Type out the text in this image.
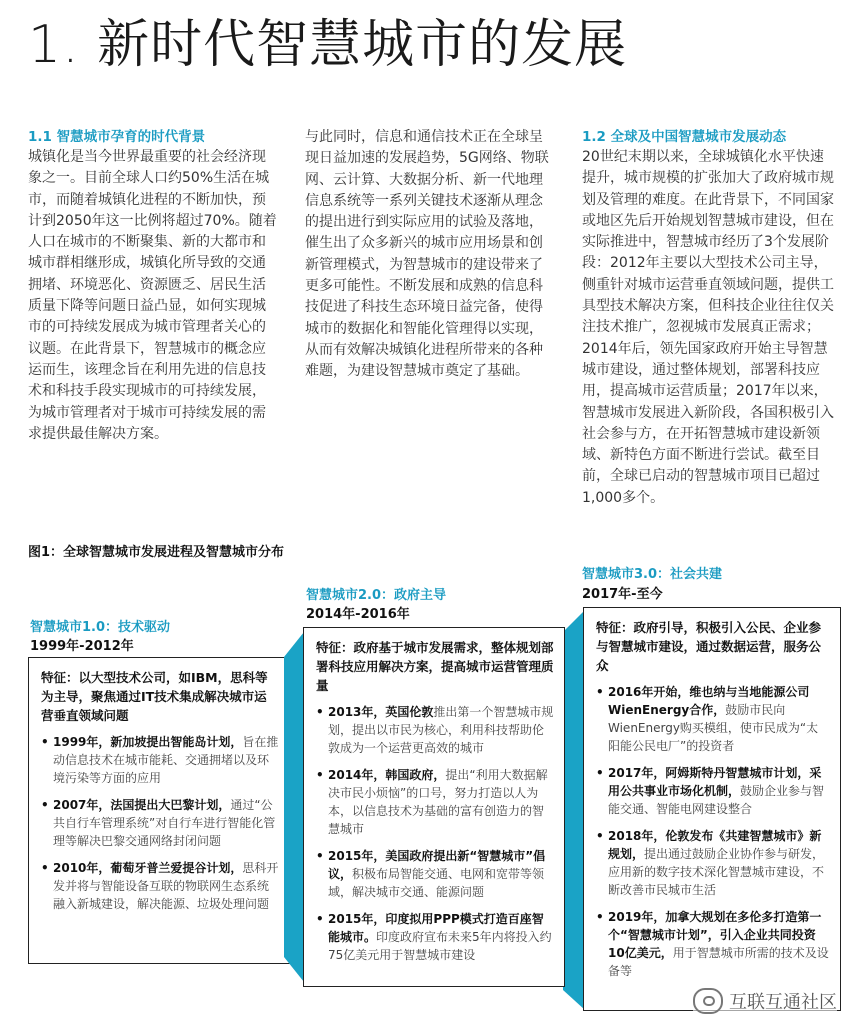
1. 新时代智慧城市的发展
1.1 智慧城市孕育的时代背景
城镇化是当今世界最重要的社会经济现象之一。目前全球人口约50%生活在城市，而随着城镇化进程的不断加快，预计到2050年这一比例将超过70%。随着人口在城市的不断聚集、新的大都市和城市群相继形成，城镇化所导致的交通拥堵、环境恶化、资源匮乏、居民生活质量下降等问题日益凸显，如何实现城市的可持续发展成为城市管理者关心的议题。在此背景下，智慧城市的概念应运而生，该理念旨在利用先进的信息技术和科技手段实现城市的可持续发展，为城市管理者对于城市可持续发展的需求提供最佳解决方案。
与此同时，信息和通信技术正在全球呈现日益加速的发展趋势，5G网络、物联网、云计算、大数据分析、新一代地理信息系统等一系列关键技术逐渐从理念的提出进行到实际应用的试验及落地，催生出了众多新兴的城市应用场景和创新管理模式，为智慧城市的建设带来了更多可能性。不断发展和成熟的信息科技促进了科技生态环境日益完备，使得城市的数据化和智能化管理得以实现，从而有效解决城镇化进程所带来的各种难题，为建设智慧城市奠定了基础。
1.2 全球及中国智慧城市发展动态
20世纪末期以来，全球城镇化水平快速提升，城市规模的扩张加大了政府城市规划及管理的难度。在此背景下，不同国家或地区先后开始规划智慧城市建设，但在实际推进中，智慧城市经历了3个发展阶段：2012年主要以大型技术公司主导，侧重针对城市运营垂直领域问题，提供工具型技术解决方案，但科技企业往往仅关注技术推广，忽视城市发展真正需求；2014年后，领先国家政府开始主导智慧城市建设，通过整体规划，部署科技应用，提高城市运营质量；2017年以来，智慧城市发展进入新阶段，各国积极引入社会参与方，在开拓智慧城市建设新领域、新特色方面不断进行尝试。截至目前，全球已启动的智慧城市项目已超过1,000多个。
图1：全球智慧城市发展进程及智慧城市分布
智慧城市1.0：技术驱动
1999年-2012年
特征：以大型技术公司，如IBM，思科等为主导，聚焦通过IT技术集成解决城市运营垂直领域问题
• 1999年，新加坡提出智能岛计划，旨在推动信息技术在城市能耗、交通拥堵以及环境污染等方面的应用
• 2007年，法国提出大巴黎计划，通过“公共自行车管理系统”对自行车进行智能化管理等解决巴黎交通网络封闭问题
• 2010年，葡萄牙普兰爱提谷计划，思科开发并将与智能设备互联的物联网生态系统融入新城建设，解决能源、垃圾处理问题
智慧城市2.0：政府主导
2014年-2016年
特征：政府基于城市发展需求，整体规划部署科技应用解决方案，提高城市运营管理质量
• 2013年，英国伦敦推出第一个智慧城市规划，提出以市民为核心，利用科技帮助伦敦成为一个运营更高效的城市
• 2014年，韩国政府，提出“利用大数据解决市民小烦恼”的口号，努力打造以人为本，以信息技术为基础的富有创造力的智慧城市
• 2015年，美国政府提出新“智慧城市”倡议，积极布局智能交通、电网和宽带等领域，解决城市交通、能源问题
• 2015年，印度拟用PPP模式打造百座智能城市。印度政府宣布未来5年内将投入约75亿美元用于智慧城市建设
智慧城市3.0：社会共建
2017年-至今
特征：政府引导，积极引入公民、企业参与智慧城市建设，通过数据运营，服务公众
• 2016年开始，维也纳与当地能源公司WienEnergy合作，鼓励市民向WienEnergy购买模组，使市民成为“太阳能公民电厂”的投资者
• 2017年，阿姆斯特丹智慧城市计划，采用公共事业市场化机制，鼓励企业参与智能交通、智能电网建设整合
• 2018年，伦敦发布《共建智慧城市》新规划，提出通过鼓励企业协作参与研发，应用新的数字技术深化智慧城市建设，不断改善市民城市生活
• 2019年，加拿大规划在多伦多打造第一个“智慧城市计划”，引入企业共同投资10亿美元，用于智慧城市所需的技术及设备等
互联互通社区
